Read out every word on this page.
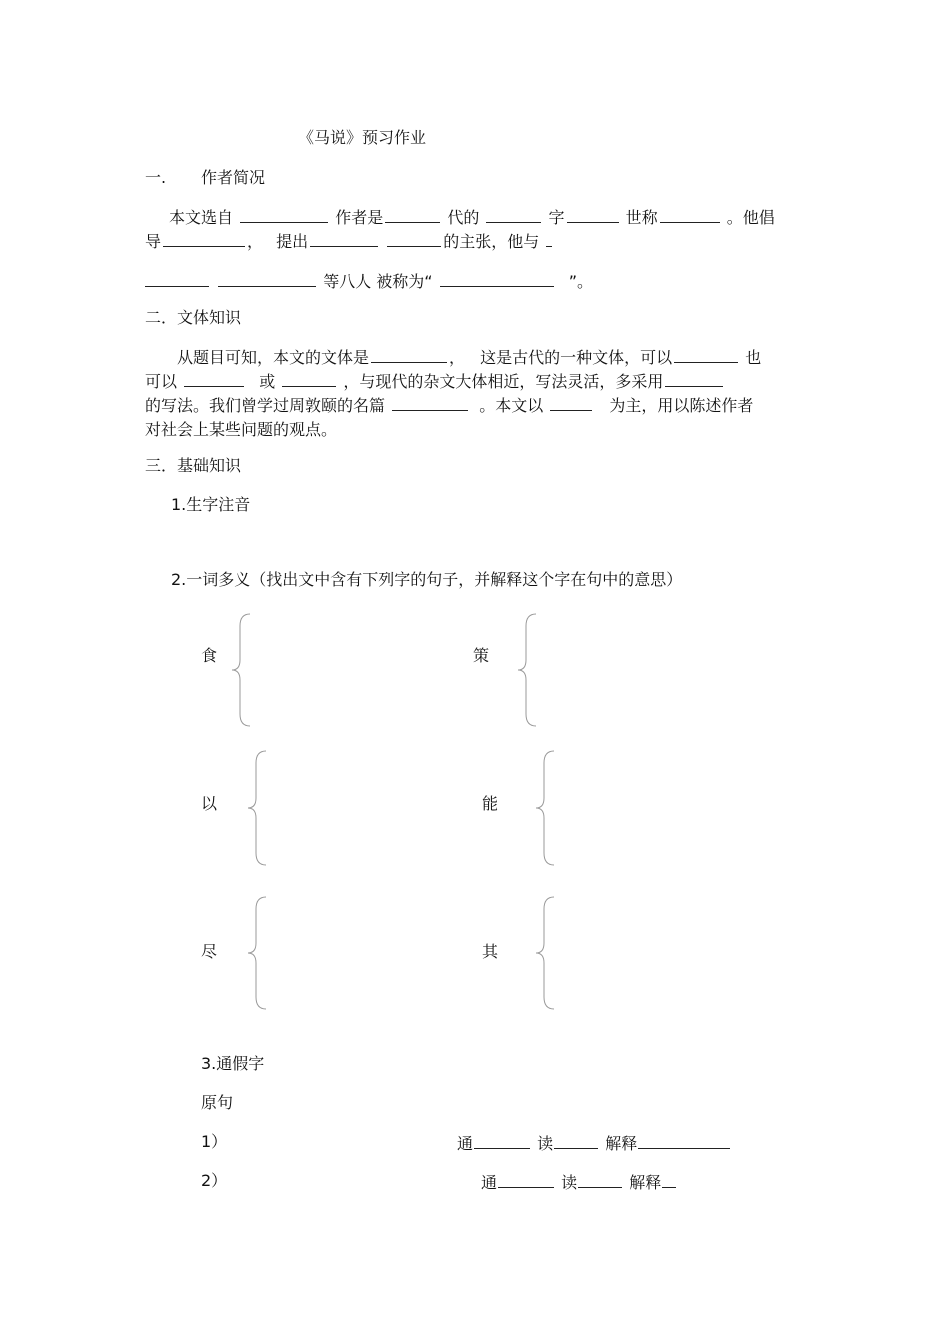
《马说》预习作业
一. 作者简况
本文选自	作者是	代的	字	世称	。他倡
导	， 提出	的主张，他与
等八人 被称为“	”。
二．文体知识
从题目可知，本文的文体是	， 这是古代的一种文体，可以	也
可以	或	，与现代的杂文大体相近，写法灵活，多采用
的写法。我们曾学过周敦颐的名篇	。本文以	为主，用以陈述作者
对社会上某些问题的观点。
三．基础知识
1.生字注音
2.一词多义（找出文中含有下列字的句子，并解释这个字在句中的意思）
食	策
以	能
尽	其
3.通假字
原句
1）	通	读	解释
2）	通	读	解释
